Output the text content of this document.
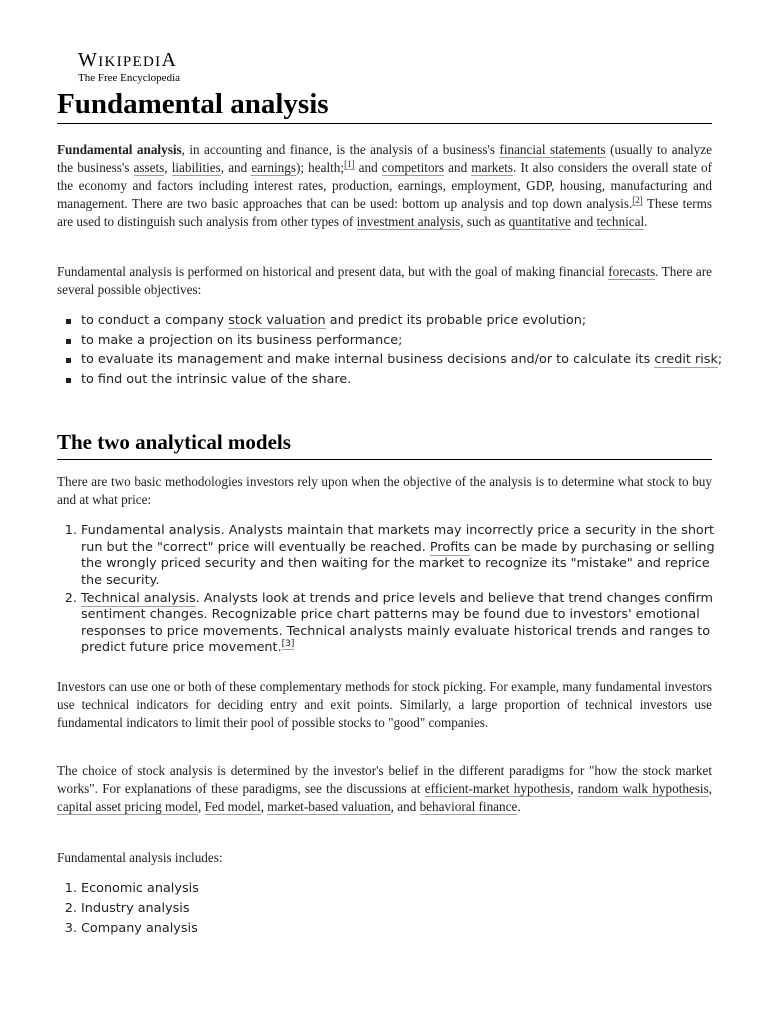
WIKIPEDIA
The Free Encyclopedia
Fundamental analysis

Fundamental analysis, in accounting and finance, is the analysis of a business's financial statements (usually to analyze the business's assets, liabilities, and earnings); health;[1] and competitors and markets. It also considers the overall state of the economy and factors including interest rates, production, earnings, employment, GDP, housing, manufacturing and management. There are two basic approaches that can be used: bottom up analysis and top down analysis.[2] These terms are used to distinguish such analysis from other types of investment analysis, such as quantitative and technical.

Fundamental analysis is performed on historical and present data, but with the goal of making financial forecasts. There are several possible objectives:

to conduct a company stock valuation and predict its probable price evolution;
to make a projection on its business performance;
to evaluate its management and make internal business decisions and/or to calculate its credit risk;
to find out the intrinsic value of the share.
The two analytical models

There are two basic methodologies investors rely upon when the objective of the analysis is to determine what stock to buy and at what price:

1. Fundamental analysis. Analysts maintain that markets may incorrectly price a security in the short run but the "correct" price will eventually be reached. Profits can be made by purchasing or selling the wrongly priced security and then waiting for the market to recognize its "mistake" and reprice the security.
2. Technical analysis. Analysts look at trends and price levels and believe that trend changes confirm sentiment changes. Recognizable price chart patterns may be found due to investors' emotional responses to price movements. Technical analysts mainly evaluate historical trends and ranges to predict future price movement.[3]

Investors can use one or both of these complementary methods for stock picking. For example, many fundamental investors use technical indicators for deciding entry and exit points. Similarly, a large proportion of technical investors use fundamental indicators to limit their pool of possible stocks to "good" companies.

The choice of stock analysis is determined by the investor's belief in the different paradigms for "how the stock market works". For explanations of these paradigms, see the discussions at efficient-market hypothesis, random walk hypothesis, capital asset pricing model, Fed model, market-based valuation, and behavioral finance.

Fundamental analysis includes:

1. Economic analysis
2. Industry analysis
3. Company analysis
